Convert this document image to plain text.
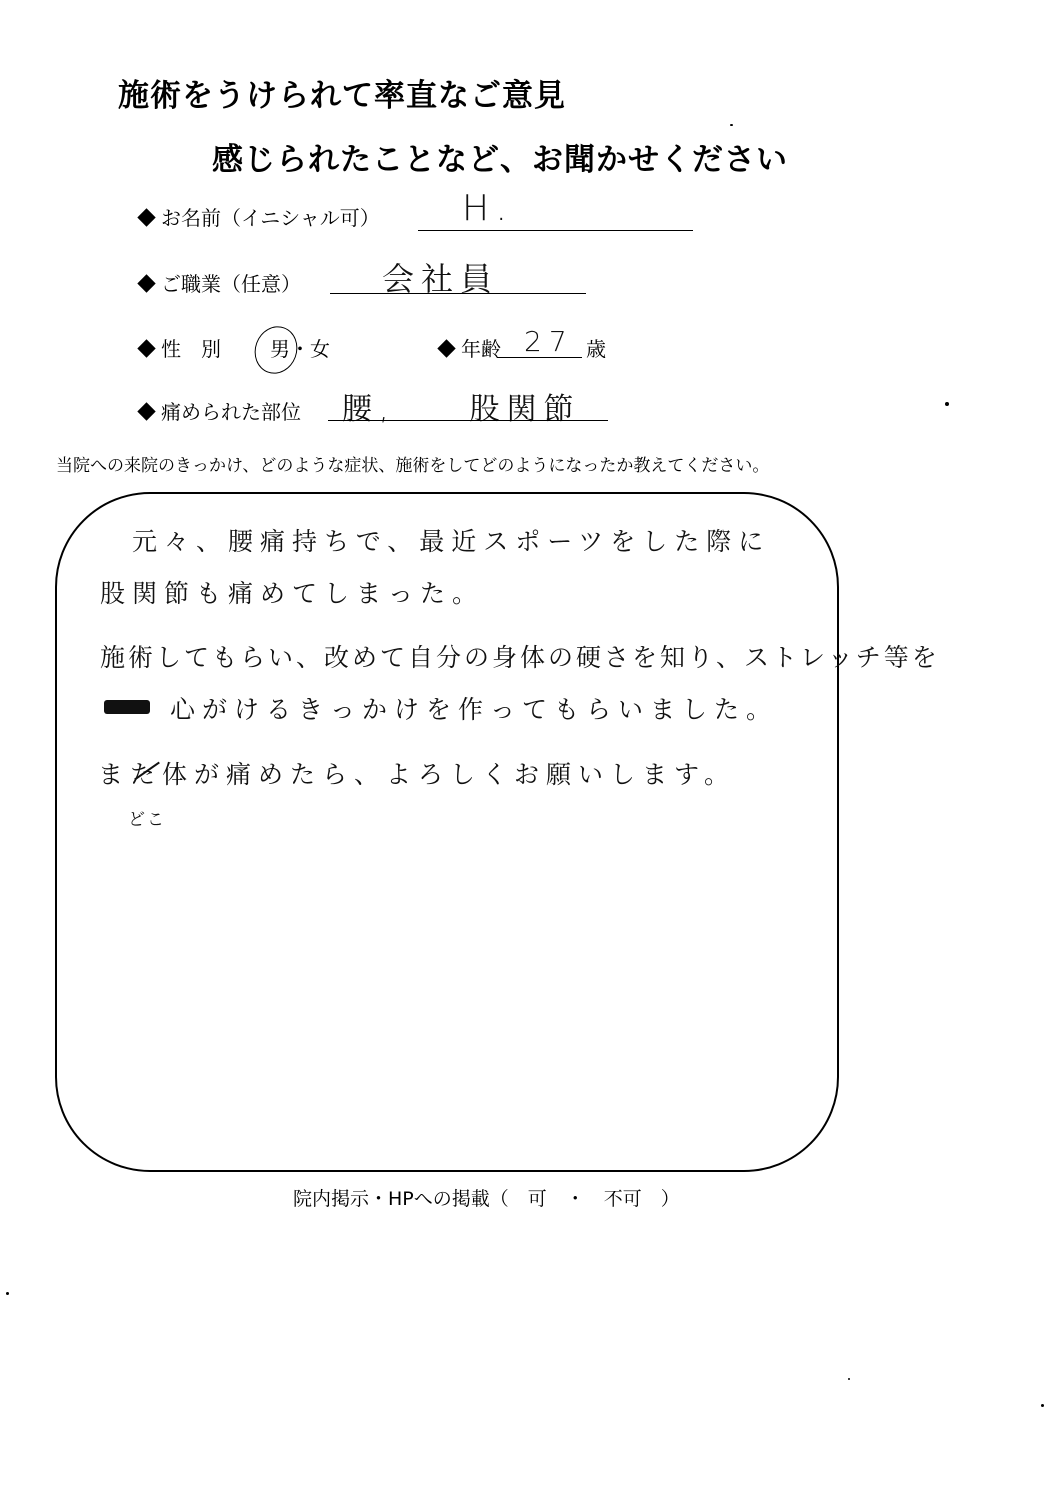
施術をうけられて率直なご意見
感じられたことなど、お聞かせください
お名前（イニシャル可） H.
ご職業（任意）	会社員
性　別 男・女	年齢 27 歳
痛められた部位 腰,　　股関節
当院への来院のきっかけ、どのような症状、施術をしてどのようになったか教えてください。
元々、腰痛持ちで、最近スポーツをした際に
股関節も痛めてしまった。
施術してもらい、改めて自分の身体の硬さを知り、ストレッチ等を
心がけるきっかけを作ってもらいました。
また体が痛めたら、よろしくお願いします。
どこ
院内掲示・HPへの掲載（　可　・　不可　）
